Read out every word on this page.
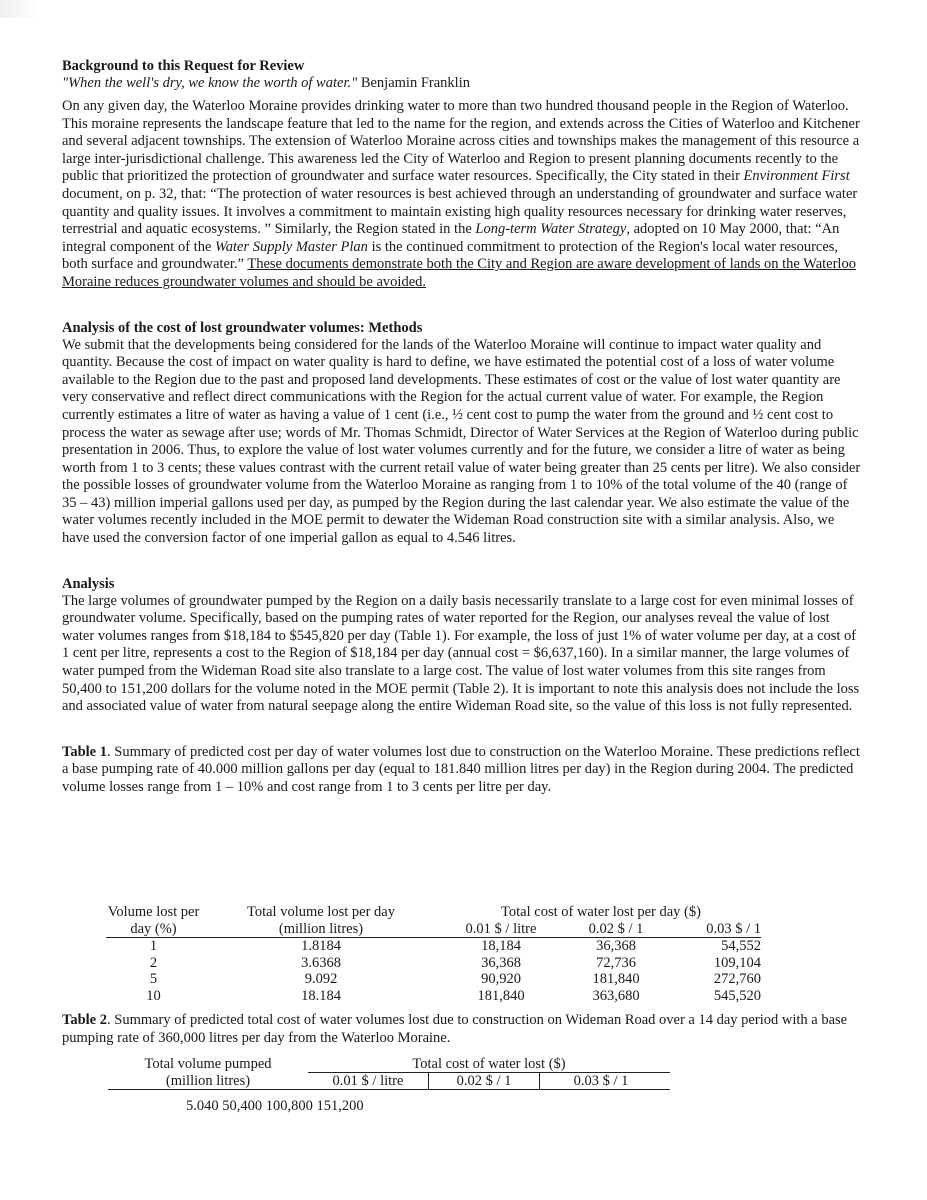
Background to this Request for Review

"When the well's dry, we know the worth of water." Benjamin Franklin

On any given day, the Waterloo Moraine provides drinking water to more than two hundred thousand people in the Region of Waterloo. This moraine represents the landscape feature that led to the name for the region, and extends across the Cities of Waterloo and Kitchener and several adjacent townships. The extension of Waterloo Moraine across cities and townships makes the management of this resource a large inter-jurisdictional challenge. This awareness led the City of Waterloo and Region to present planning documents recently to the public that prioritized the protection of groundwater and surface water resources. Specifically, the City stated in their Environment First document, on p. 32, that: “The protection of water resources is best achieved through an understanding of groundwater and surface water quantity and quality issues. It involves a commitment to maintain existing high quality resources necessary for drinking water reserves, terrestrial and aquatic ecosystems. ” Similarly, the Region stated in the Long-term Water Strategy, adopted on 10 May 2000, that: “An integral component of the Water Supply Master Plan is the continued commitment to protection of the Region's local water resources, both surface and groundwater.” These documents demonstrate both the City and Region are aware development of lands on the Waterloo Moraine reduces groundwater volumes and should be avoided.

Analysis of the cost of lost groundwater volumes: Methods

We submit that the developments being considered for the lands of the Waterloo Moraine will continue to impact water quality and quantity. Because the cost of impact on water quality is hard to define, we have estimated the potential cost of a loss of water volume available to the Region due to the past and proposed land developments. These estimates of cost or the value of lost water quantity are very conservative and reflect direct communications with the Region for the actual current value of water. For example, the Region currently estimates a litre of water as having a value of 1 cent (i.e., ½ cent cost to pump the water from the ground and ½ cent cost to process the water as sewage after use; words of Mr. Thomas Schmidt, Director of Water Services at the Region of Waterloo during public presentation in 2006. Thus, to explore the value of lost water volumes currently and for the future, we consider a litre of water as being worth from 1 to 3 cents; these values contrast with the current retail value of water being greater than 25 cents per litre). We also consider the possible losses of groundwater volume from the Waterloo Moraine as ranging from 1 to 10% of the total volume of the 40 (range of 35 – 43) million imperial gallons used per day, as pumped by the Region during the last calendar year. We also estimate the value of the water volumes recently included in the MOE permit to dewater the Wideman Road construction site with a similar analysis. Also, we have used the conversion factor of one imperial gallon as equal to 4.546 litres.

Analysis

The large volumes of groundwater pumped by the Region on a daily basis necessarily translate to a large cost for even minimal losses of groundwater volume. Specifically, based on the pumping rates of water reported for the Region, our analyses reveal the value of lost water volumes ranges from $18,184 to $545,820 per day (Table 1). For example, the loss of just 1% of water volume per day, at a cost of 1 cent per litre, represents a cost to the Region of $18,184 per day (annual cost = $6,637,160). In a similar manner, the large volumes of water pumped from the Wideman Road site also translate to a large cost. The value of lost water volumes from this site ranges from 50,400 to 151,200 dollars for the volume noted in the MOE permit (Table 2). It is important to note this analysis does not include the loss and associated value of water from natural seepage along the entire Wideman Road site, so the value of this loss is not fully represented.

Table 1. Summary of predicted cost per day of water volumes lost due to construction on the Waterloo Moraine. These predictions reflect a base pumping rate of 40.000 million gallons per day (equal to 181.840 million litres per day) in the Region during 2004. The predicted volume losses range from 1 – 10% and cost range from 1 to 3 cents per litre per day.

Volume lost per	Total volume lost per day	Total cost of water lost per day ($)		
day (%)	(million litres)	0.01 $ / litre	0.02 $ / 1	0.03 $ / 1
1	1.8184	18,184	36,368	54,552
2	3.6368	36,368	72,736	109,104
5	9.092	90,920	181,840	272,760
10	18.184	181,840	363,680	545,520

Table 2. Summary of predicted total cost of water volumes lost due to construction on Wideman Road over a 14 day period with a base pumping rate of 360,000 litres per day from the Waterloo Moraine.

Total volume pumped	Total cost of water lost ($)
(million litres)	0.01 $ / litre	0.02 $ / 1	0.03 $ / 1
5.040 50,400 100,800 151,200
